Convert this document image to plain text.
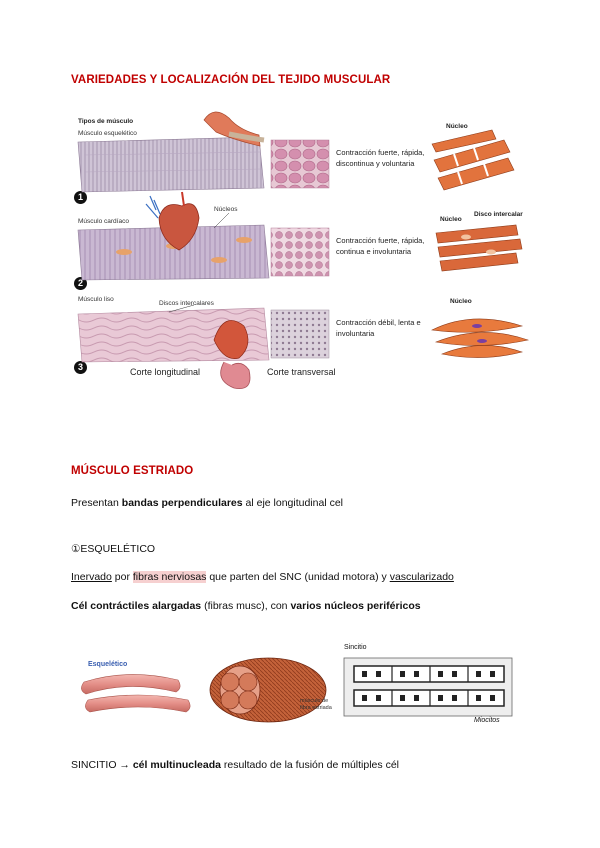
VARIEDADES Y LOCALIZACIÓN DEL TEJIDO MUSCULAR
Tipos de músculo
Músculo esquelético
Músculo cardíaco
Músculo liso
Núcleos
Discos intercalares
1
2
3
Contracción fuerte, rápida, discontinua y voluntaria
Contracción fuerte, rápida, continua e involuntaria
Contracción débil, lenta e involuntaria
Núcleo
Núcleo
Disco intercalar
Núcleo
Corte longitudinal	Corte transversal
MÚSCULO ESTRIADO
Presentan bandas perpendiculares al eje longitudinal cel
①ESQUELÉTICO
Inervado por fibras nerviosas que parten del SNC (unidad motora) y vascularizado
Cél contráctiles alargadas (fibras musc), con varios núcleos periféricos
Esquelético
músculo de fibra estriada
Sincitio
Miocitos
SINCITIO → cél multinucleada resultado de la fusión de múltiples cél
